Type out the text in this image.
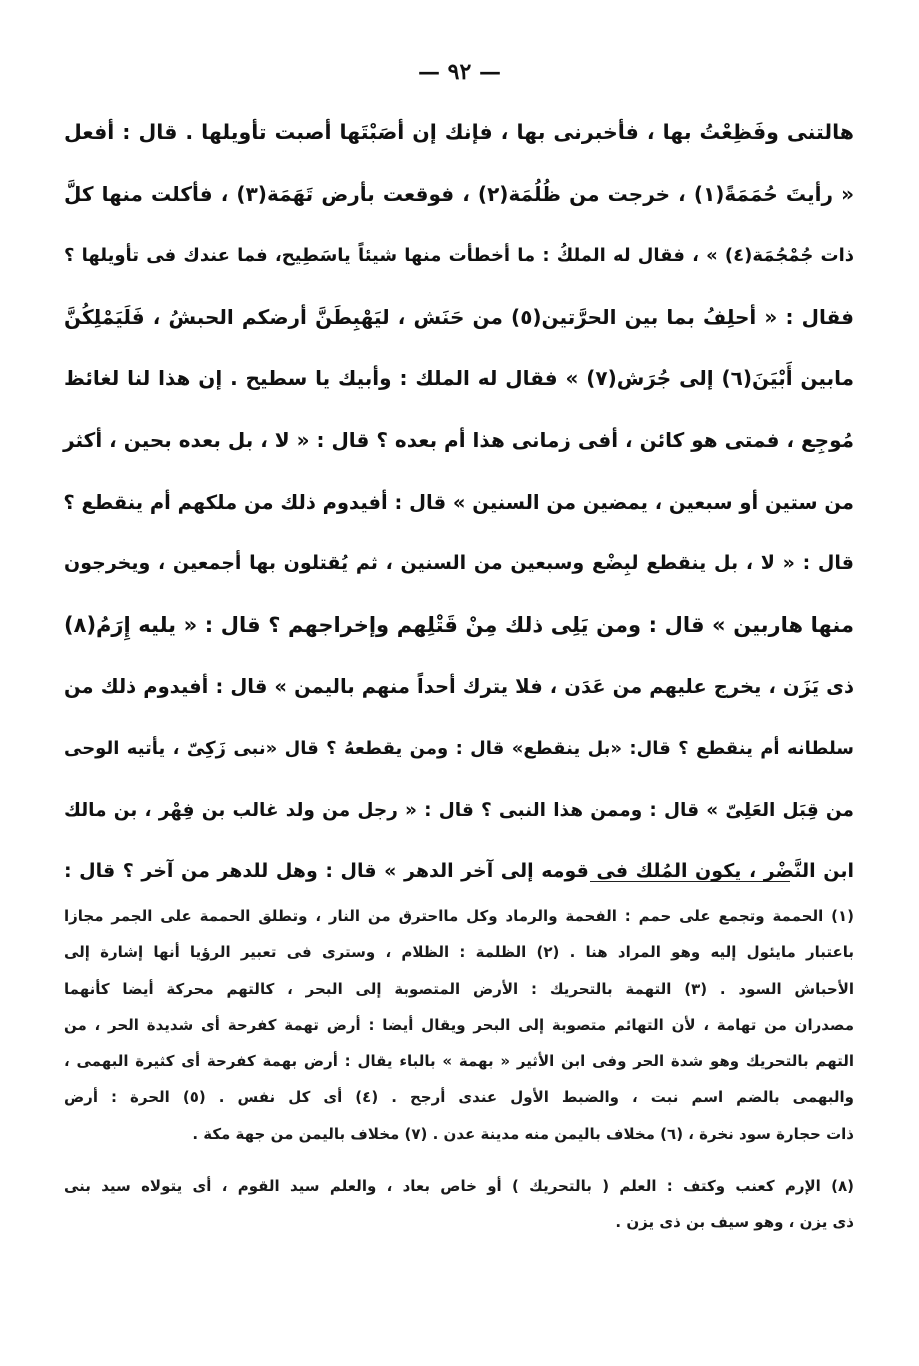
— ٩٢ —
هالتنى وفَظِعْتُ بها ، فأخبرنى بها ، فإنك إن أصَبْتَها أصبت تأويلها . قال : أفعل
« رأيتَ حُمَمَةً(١) ، خرجت من ظُلُمَة(٢) ، فوقعت بأرض تَهَمَة(٣) ، فأكلت منها كلَّ
ذات جُمْجُمَة(٤) » ، فقال له الملكُ : ما أخطأت منها شيئاً ياسَطِيح، فما عندك فى تأويلها ؟
فقال : « أحلِفُ بما بين الحرَّتين(٥) من حَنَش ، ليَهْبِطَنَّ أرضكم الحبشُ ، فَلَيَمْلِكُنَّ
مابين أَبْيَنَ(٦) إلى جُرَش(٧) » فقال له الملك : وأبيك يا سطيح . إن هذا لنا لغائظ
مُوجِع ، فمتى هو كائن ، أفى زمانى هذا أم بعده ؟ قال : « لا ، بل بعده بحين ، أكثر
من ستين أو سبعين ، يمضين من السنين » قال : أفيدوم ذلك من ملكهم أم ينقطع ؟
قال : « لا ، بل ينقطع لبِضْع وسبعين من السنين ، ثم يُقتلون بها أجمعين ، ويخرجون
منها هاربين » قال : ومن يَلِى ذلك مِنْ قَتْلِهم وإخراجهم ؟ قال : « يليه إِرَمُ(٨)
ذى يَزَن ، يخرج عليهم من عَدَن ، فلا يترك أحداً منهم باليمن » قال : أفيدوم ذلك من
سلطانه أم ينقطع ؟ قال: «بل ينقطع» قال : ومن يقطعهُ ؟ قال «نبى زَكِىّ ، يأتيه الوحى
من قِبَل العَلِىّ » قال : وممن هذا النبى ؟ قال : « رجل من ولد غالب بن فِهْر ، بن مالك
ابن النَّضْر ، يكون المُلك فى قومه إلى آخر الدهر » قال : وهل للدهر من آخر ؟ قال :
(١) الحممة وتجمع على حمم : الفحمة والرماد وكل مااحترق من النار ، وتطلق الحممة على الجمر مجازا
باعتبار مايئول إليه وهو المراد هنا . (٢) الظلمة : الظلام ، وسترى فى تعبير الرؤيا أنها إشارة إلى
الأحباش السود . (٣) التهمة بالتحريك : الأرض المتصوبة إلى البحر ، كالتهم محركة أيضا كأنهما
مصدران من تهامة ، لأن التهائم متصوبة إلى البحر ويقال أيضا : أرض تهمة كفرحة أى شديدة الحر ، من
التهم بالتحريك وهو شدة الحر وفى ابن الأثير « بهمة » بالباء يقال : أرض بهمة كفرحة أى كثيرة البهمى ،
والبهمى بالضم اسم نبت ، والضبط الأول عندى أرجح . (٤) أى كل نفس . (٥) الحرة : أرض
ذات حجارة سود نخرة ، (٦) مخلاف باليمن منه مدينة عدن . (٧) مخلاف باليمن من جهة مكة .
(٨) الإرم كعنب وكتف : العلم ( بالتحريك ) أو خاص بعاد ، والعلم سيد القوم ، أى يتولاه سيد بنى
ذى يزن ، وهو سيف بن ذى يزن .
